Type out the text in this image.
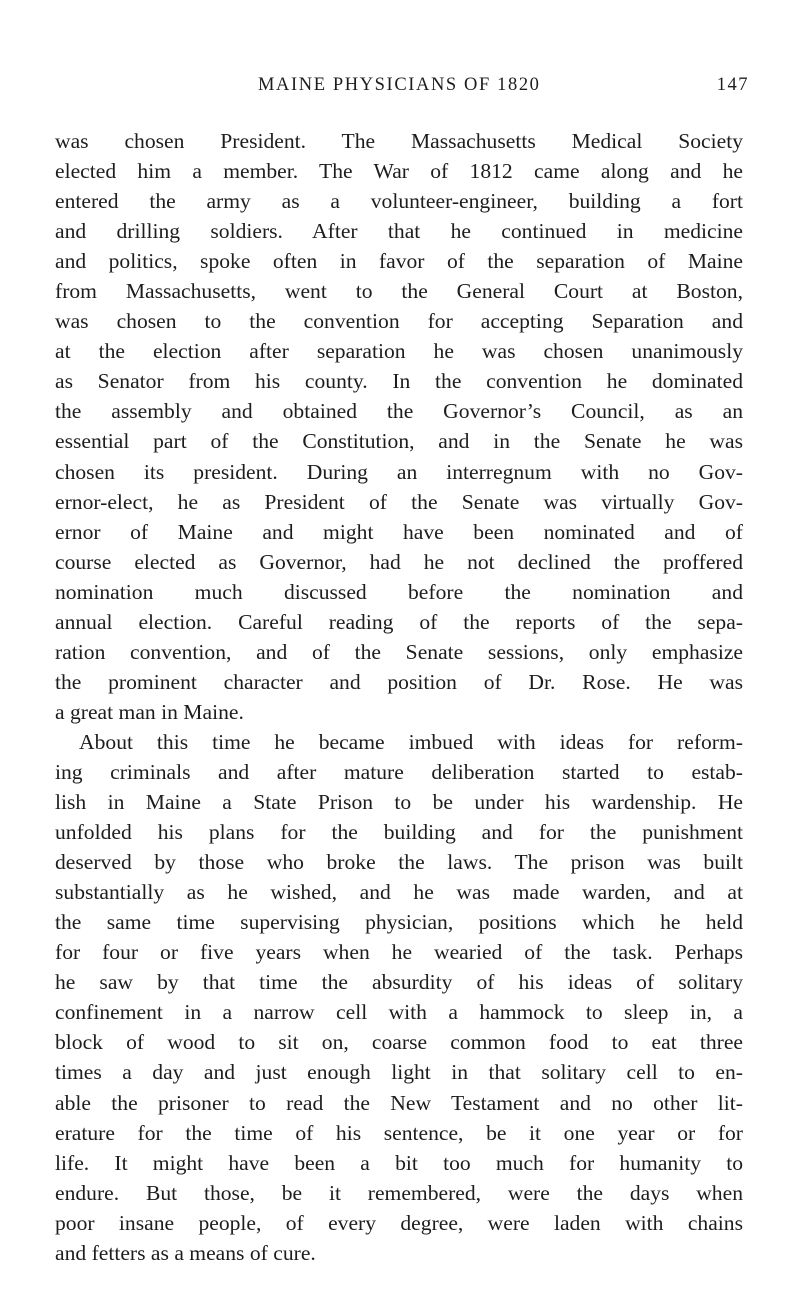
MAINE PHYSICIANS OF 1820	147
was chosen President. The Massachusetts Medical Society
elected him a member. The War of 1812 came along and he
entered the army as a volunteer-engineer, building a fort
and drilling soldiers. After that he continued in medicine
and politics, spoke often in favor of the separation of Maine
from Massachusetts, went to the General Court at Boston,
was chosen to the convention for accepting Separation and
at the election after separation he was chosen unanimously
as Senator from his county. In the convention he dominated
the assembly and obtained the Governor’s Council, as an
essential part of the Constitution, and in the Senate he was
chosen its president. During an interregnum with no Gov-
ernor-elect, he as President of the Senate was virtually Gov-
ernor of Maine and might have been nominated and of
course elected as Governor, had he not declined the proffered
nomination much discussed before the nomination and
annual election. Careful reading of the reports of the sepa-
ration convention, and of the Senate sessions, only emphasize
the prominent character and position of Dr. Rose. He was
a great man in Maine.
About this time he became imbued with ideas for reform-
ing criminals and after mature deliberation started to estab-
lish in Maine a State Prison to be under his wardenship. He
unfolded his plans for the building and for the punishment
deserved by those who broke the laws. The prison was built
substantially as he wished, and he was made warden, and at
the same time supervising physician, positions which he held
for four or five years when he wearied of the task. Perhaps
he saw by that time the absurdity of his ideas of solitary
confinement in a narrow cell with a hammock to sleep in, a
block of wood to sit on, coarse common food to eat three
times a day and just enough light in that solitary cell to en-
able the prisoner to read the New Testament and no other lit-
erature for the time of his sentence, be it one year or for
life. It might have been a bit too much for humanity to
endure. But those, be it remembered, were the days when
poor insane people, of every degree, were laden with chains
and fetters as a means of cure.
